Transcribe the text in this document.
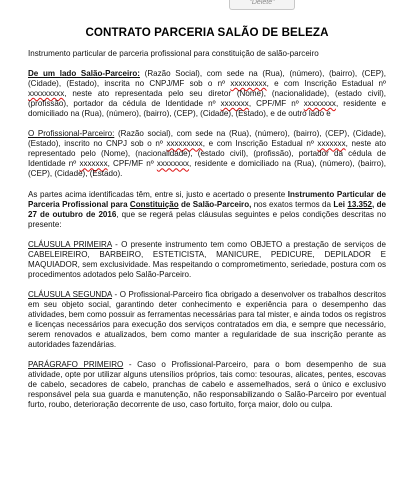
"Delete"
CONTRATO PARCERIA SALÃO DE BELEZA

Instrumento particular de parceria profissional para constituição de salão-parceiro

De um lado Salão-Parceiro: (Razão Social), com sede na (Rua), (número), (bairro), (CEP), (Cidade), (Estado), inscrita no CNPJ/MF sob o nº xxxxxxxxx, e com Inscrição Estadual nº xxxxxxxxx, neste ato representada pelo seu diretor (Nome), (nacionalidade), (estado civil), (profissão), portador da cédula de Identidade nº xxxxxxx, CPF/MF nº xxxxxxxx, residente e domiciliado na (Rua), (número), (bairro), (CEP), (Cidade), (Estado), e de outro lado e

O Profissional-Parceiro: (Razão social), com sede na (Rua), (número), (bairro), (CEP), (Cidade), (Estado), inscrito no CNPJ sob o nº xxxxxxxxx, e com Inscrição Estadual nº xxxxxxx, neste ato representado pelo (Nome), (nacionalidade), (estado civil), (profissão), portador da cédula de Identidade nº xxxxxxx, CPF/MF nº xxxxxxxx, residente e domiciliado na (Rua), (número), (bairro), (CEP), (Cidade), (Estado).

As partes acima identificadas têm, entre si, justo e acertado o presente Instrumento Particular de Parceria Profissional para Constituição de Salão-Parceiro, nos exatos termos da Lei 13.352, de 27 de outubro de 2016, que se regerá pelas cláusulas seguintes e pelos condições descritas no presente:

CLÁUSULA PRIMEIRA - O presente instrumento tem como OBJETO a prestação de serviços de CABELEIREIRO, BARBEIRO, ESTETICISTA, MANICURE, PEDICURE, DEPILADOR E MAQUIADOR, sem exclusividade. Mas respeitando o comprometimento, seriedade, postura com os procedimentos adotados pelo Salão-Parceiro.

CLÁUSULA SEGUNDA - O Profissional-Parceiro fica obrigado a desenvolver os trabalhos descritos em seu objeto social, garantindo deter conhecimento e experiência para o desempenho das atividades, bem como possuir as ferramentas necessárias para tal mister, e ainda todos os registros e licenças necessários para execução dos serviços contratados em dia, e sempre que necessário, serem renovados e atualizados, bem como manter a regularidade de sua inscrição perante as autoridades fazendárias.

PARÁGRAFO PRIMEIRO - Caso o Profissional-Parceiro, para o bom desempenho de sua atividade, opte por utilizar alguns utensílios próprios, tais como: tesouras, alicates, pentes, escovas de cabelo, secadores de cabelo, pranchas de cabelo e assemelhados, será o único e exclusivo responsável pela sua guarda e manutenção, não responsabilizando o Salão-Parceiro por eventual furto, roubo, deterioração decorrente de uso, caso fortuito, força maior, dolo ou culpa.
